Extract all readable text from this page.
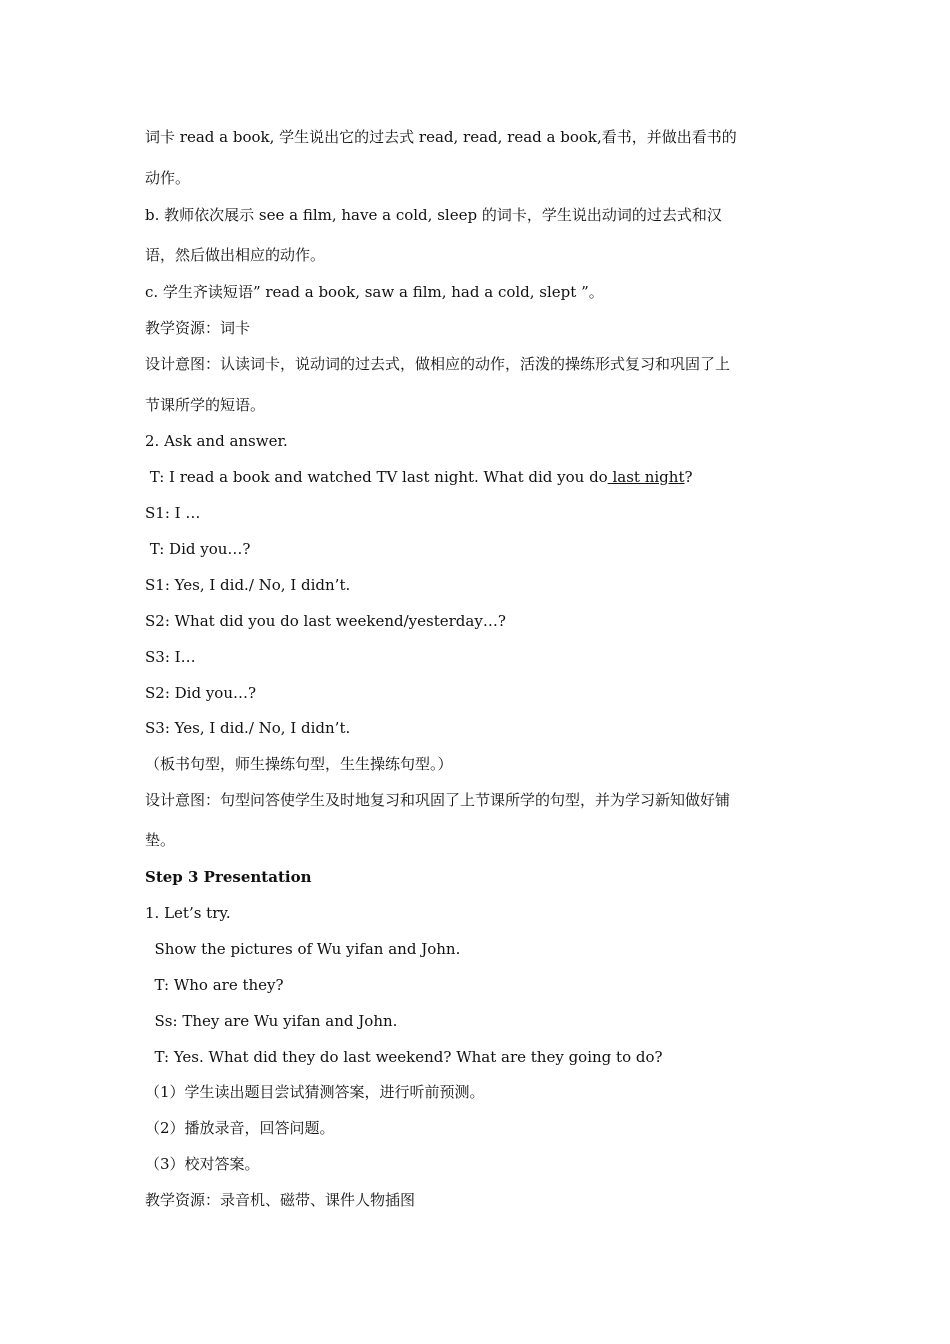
词卡 read a book, 学生说出它的过去式 read, read, read a book,看书，并做出看书的

动作。

b. 教师依次展示 see a film, have a cold, sleep 的词卡，学生说出动词的过去式和汉

语，然后做出相应的动作。

c. 学生齐读短语” read a book, saw a film, had a cold, slept ”。

教学资源：词卡

设计意图：认读词卡，说动词的过去式，做相应的动作，活泼的操练形式复习和巩固了上

节课所学的短语。

2. Ask and answer.

T: I read a book and watched TV last night. What did you do last night?

S1: I …

T: Did you…?

S1: Yes, I did./ No, I didn’t.

S2: What did you do last weekend/yesterday…?

S3: I…

S2: Did you…?

S3: Yes, I did./ No, I didn’t.

（板书句型，师生操练句型，生生操练句型。）

设计意图：句型问答使学生及时地复习和巩固了上节课所学的句型，并为学习新知做好铺

垫。

Step 3 Presentation

1. Let’s try.

Show the pictures of Wu yifan and John.

T: Who are they?

Ss: They are Wu yifan and John.

T: Yes. What did they do last weekend? What are they going to do?

（1）学生读出题目尝试猜测答案，进行听前预测。

（2）播放录音，回答问题。

（3）校对答案。

教学资源：录音机、磁带、课件人物插图
